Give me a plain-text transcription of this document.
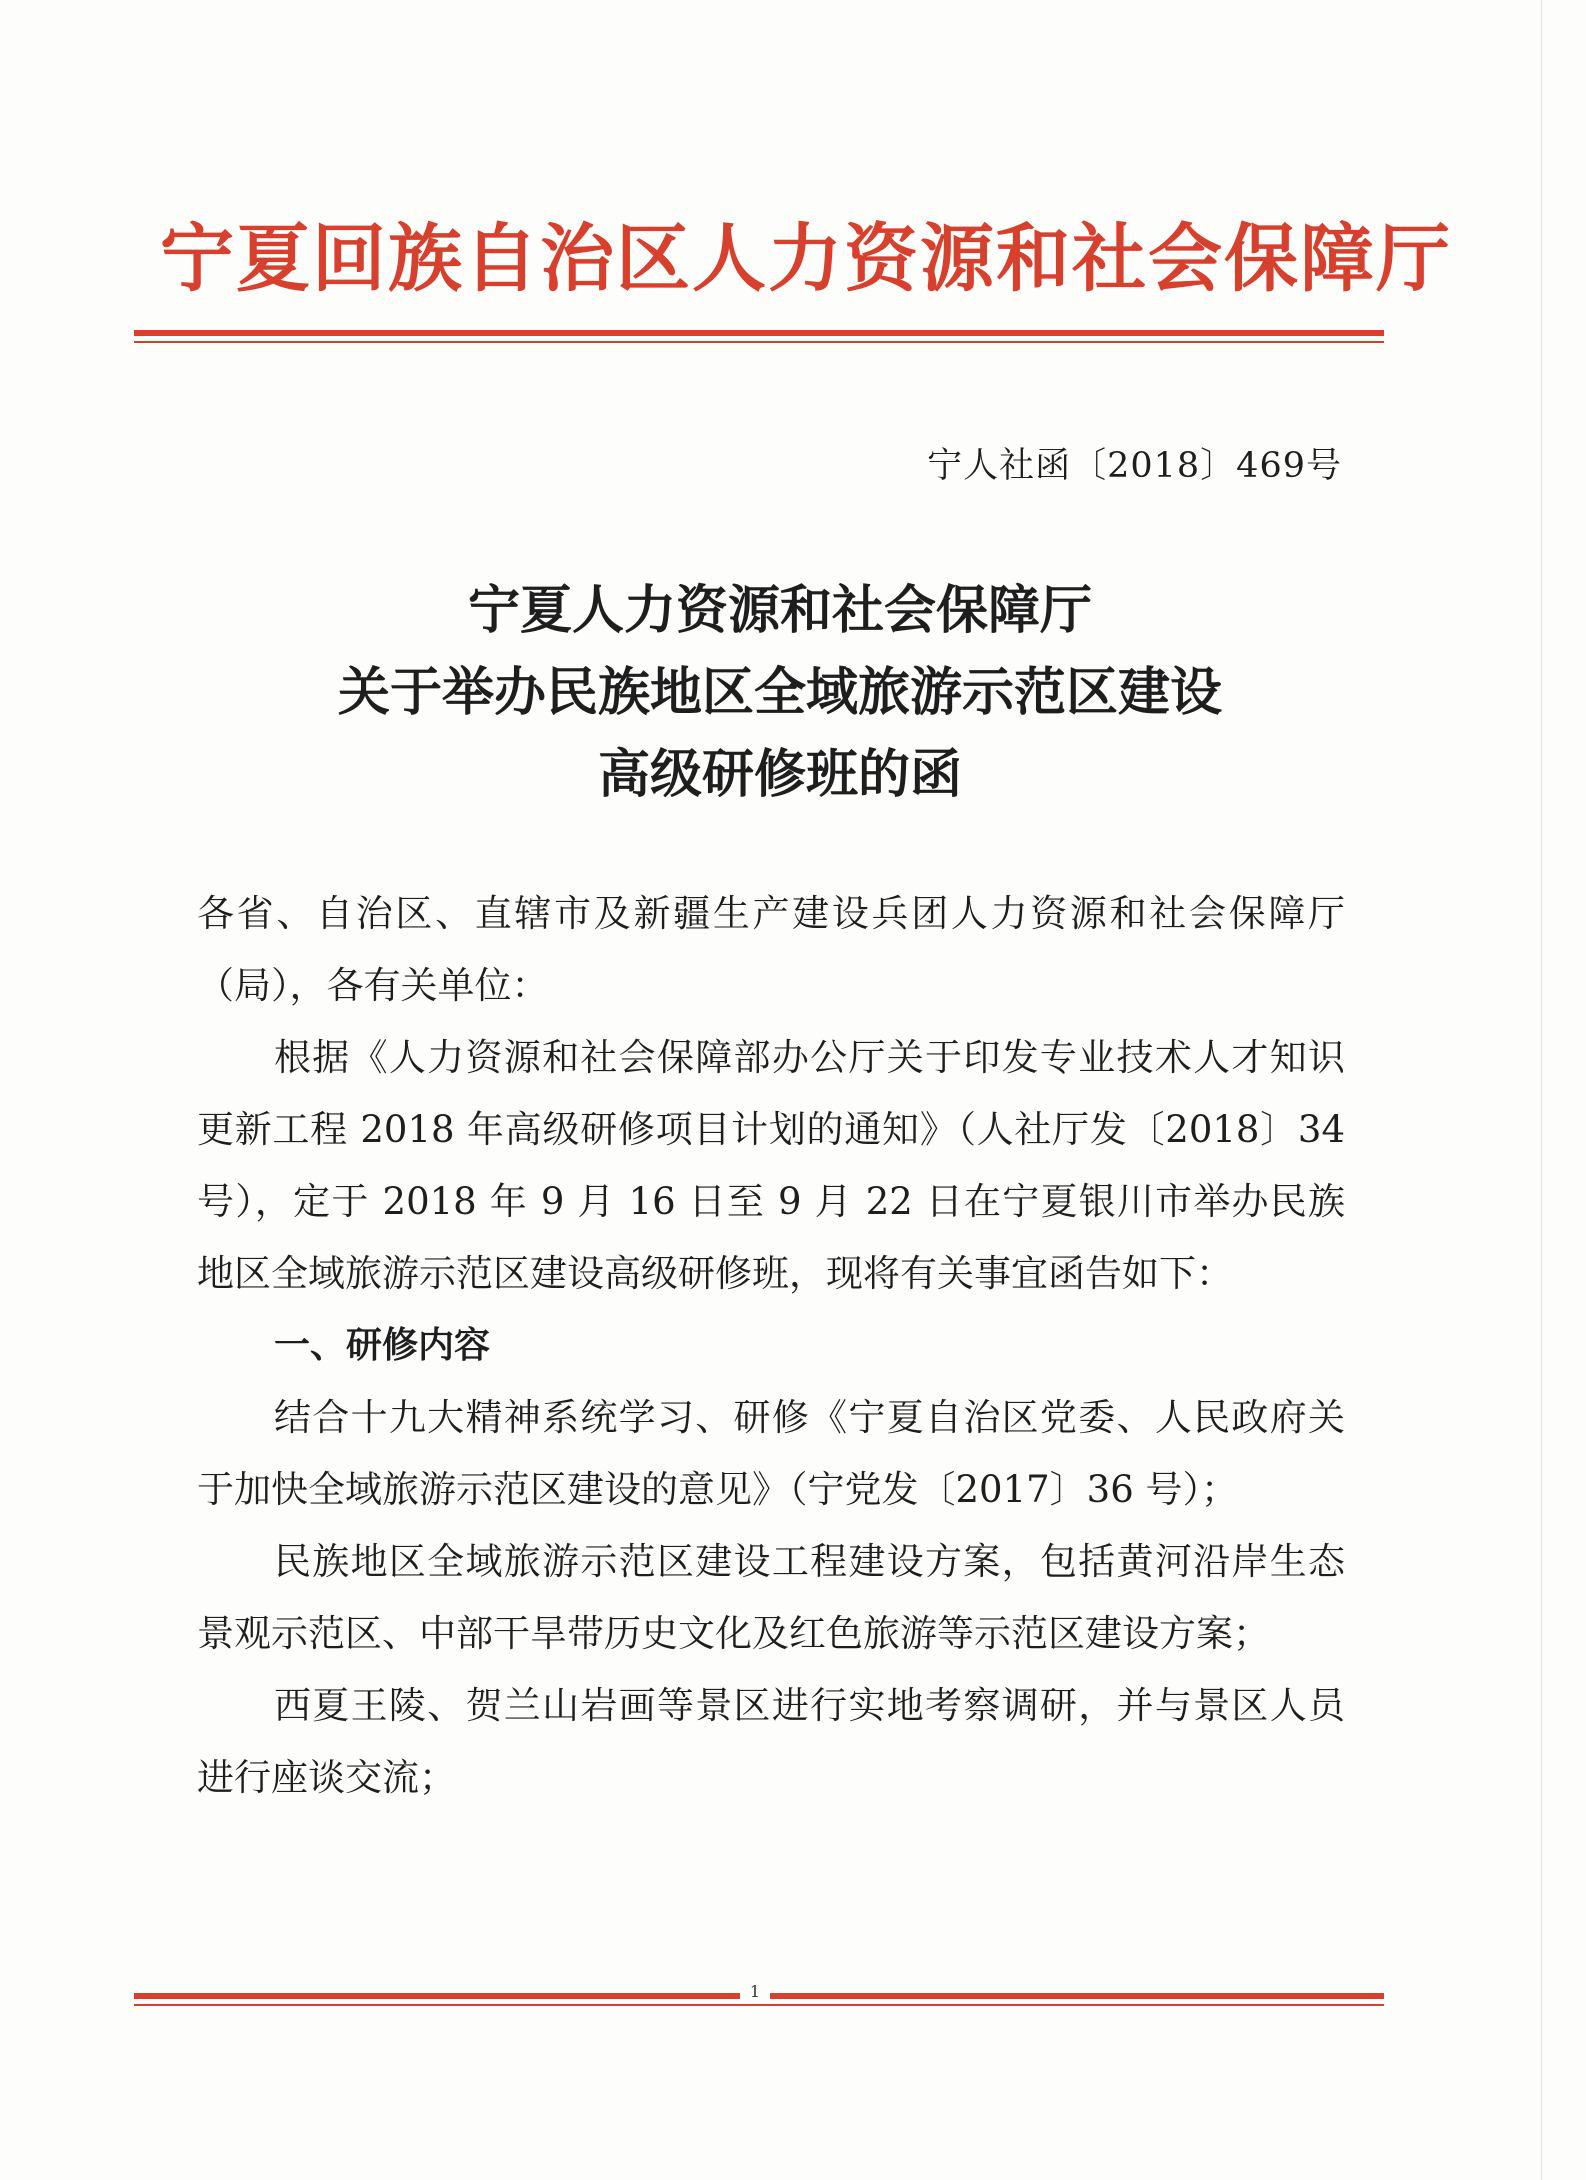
宁夏回族自治区人力资源和社会保障厅
宁人社函〔2018〕469号
宁夏人力资源和社会保障厅
关于举办民族地区全域旅游示范区建设
高级研修班的函

各省、自治区、直辖市及新疆生产建设兵团人力资源和社会保障厅（局），各有关单位：

根据《人力资源和社会保障部办公厅关于印发专业技术人才知识更新工程 2018 年高级研修项目计划的通知》（人社厅发〔2018〕34 号），定于 2018 年 9 月 16 日至 9 月 22 日在宁夏银川市举办民族地区全域旅游示范区建设高级研修班，现将有关事宜函告如下：

一、研修内容

结合十九大精神系统学习、研修《宁夏自治区党委、人民政府关于加快全域旅游示范区建设的意见》（宁党发〔2017〕36 号）；

民族地区全域旅游示范区建设工程建设方案，包括黄河沿岸生态景观示范区、中部干旱带历史文化及红色旅游等示范区建设方案；

西夏王陵、贺兰山岩画等景区进行实地考察调研，并与景区人员进行座谈交流；

1
